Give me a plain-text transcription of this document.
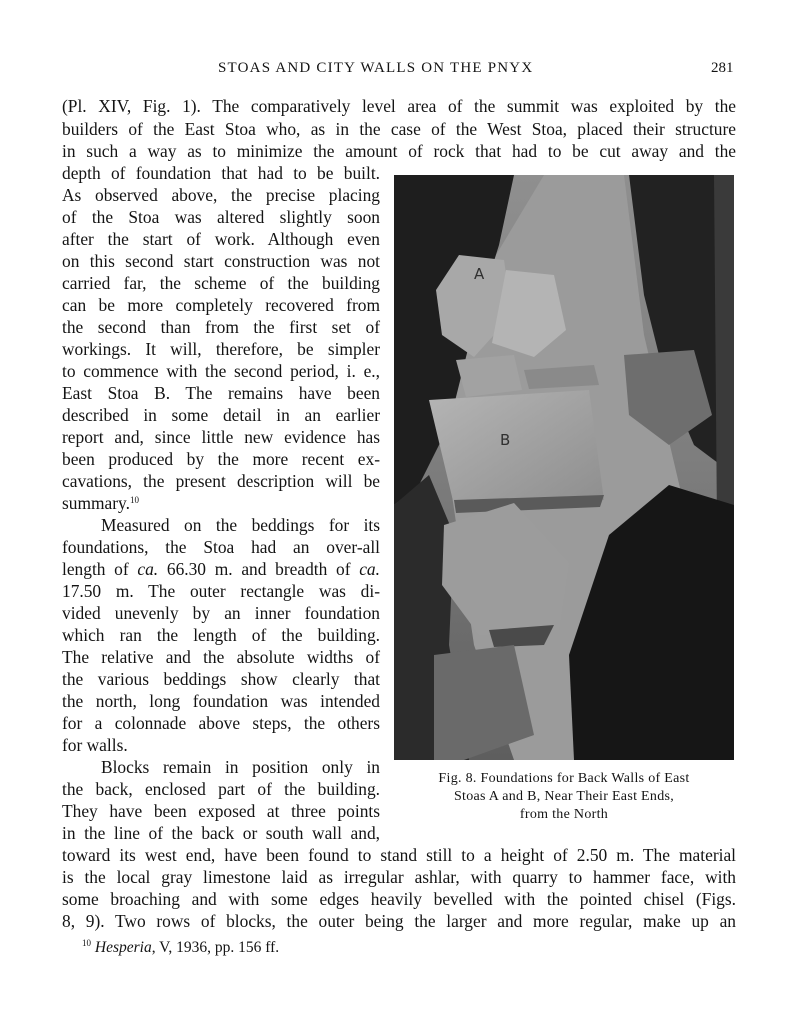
STOAS AND CITY WALLS ON THE PNYX	281
(Pl. XIV, Fig. 1). The comparatively level area of the summit was exploited by the
builders of the East Stoa who, as in the case of the West Stoa, placed their structure
in such a way as to minimize the amount of rock that had to be cut away and the
depth of foundation that had to be built.
As observed above, the precise placing
of the Stoa was altered slightly soon
after the start of work. Although even
on this second start construction was not
carried far, the scheme of the building
can be more completely recovered from
the second than from the first set of
workings. It will, therefore, be simpler
to commence with the second period, i. e.,
East Stoa B. The remains have been
described in some detail in an earlier
report and, since little new evidence has
been produced by the more recent ex-
cavations, the present description will be
summary.$^{10}$
Measured on the beddings for its
foundations, the Stoa had an over-all
length of ca. 66.30 m. and breadth of ca.
17.50 m. The outer rectangle was di-
vided unevenly by an inner foundation
which ran the length of the building.
The relative and the absolute widths of
the various beddings show clearly that
the north, long foundation was intended
for a colonnade above steps, the others
for walls.
Blocks remain in position only in
the back, enclosed part of the building.
They have been exposed at three points
in the line of the back or south wall and,
toward its west end, have been found to stand still to a height of 2.50 m. The material
is the local gray limestone laid as irregular ashlar, with quarry to hammer face, with
some broaching and with some edges heavily bevelled with the pointed chisel (Figs.
8, 9). Two rows of blocks, the outer being the larger and more regular, make up an
A
B
Fig. 8. Foundations for Back Walls of East
Stoas A and B, Near Their East Ends,
from the North
$^{10}$ Hesperia, V, 1936, pp. 156 ff.
